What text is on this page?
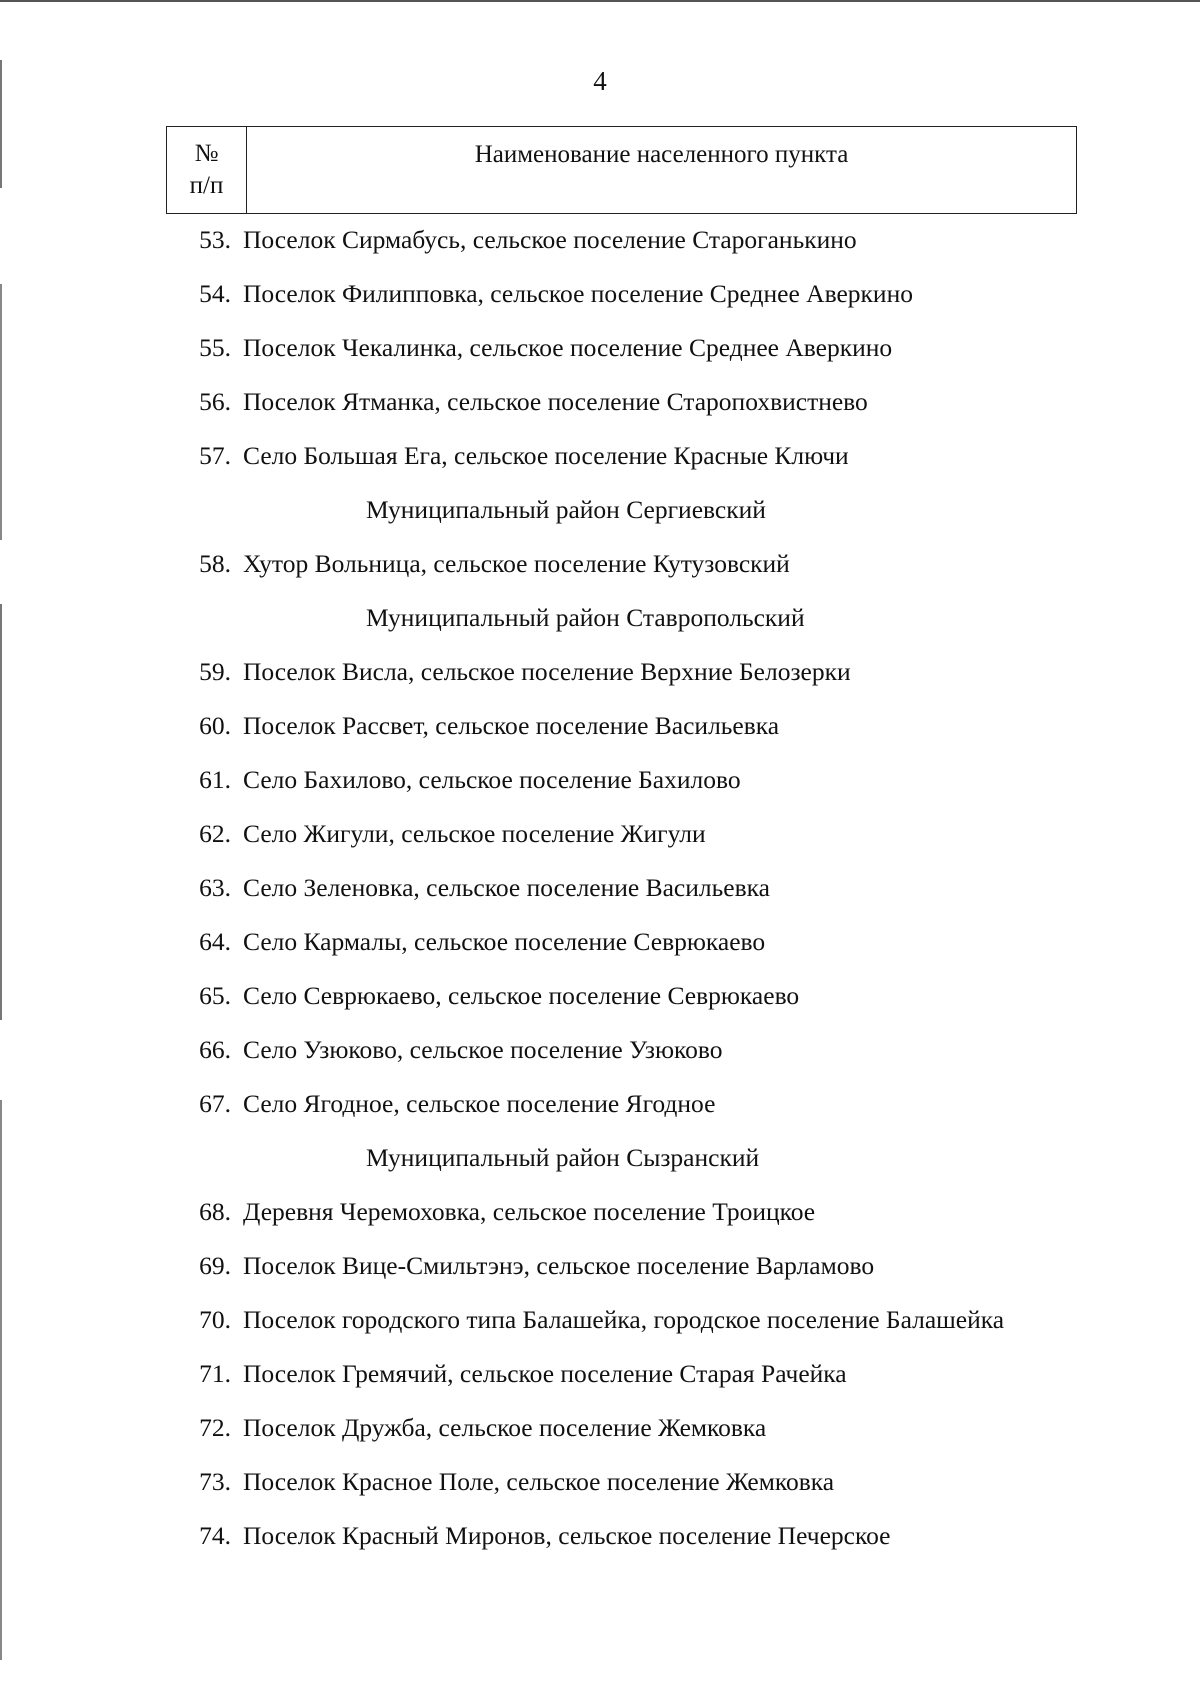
4
№
п/п
Наименование населенного пункта
53. Поселок Сирмабусь, сельское поселение Староганькино
54. Поселок Филипповка, сельское поселение Среднее Аверкино
55. Поселок Чекалинка, сельское поселение Среднее Аверкино
56. Поселок Ятманка, сельское поселение Старопохвистнево
57. Село Большая Ега, сельское поселение Красные Ключи
Муниципальный район Сергиевский
58. Хутор Вольница, сельское поселение Кутузовский
Муниципальный район Ставропольский
59. Поселок Висла, сельское поселение Верхние Белозерки
60. Поселок Рассвет, сельское поселение Васильевка
61. Село Бахилово, сельское поселение Бахилово
62. Село Жигули, сельское поселение Жигули
63. Село Зеленовка, сельское поселение Васильевка
64. Село Кармалы, сельское поселение Севрюкаево
65. Село Севрюкаево, сельское поселение Севрюкаево
66. Село Узюково, сельское поселение Узюково
67. Село Ягодное, сельское поселение Ягодное
Муниципальный район Сызранский
68. Деревня Черемоховка, сельское поселение Троицкое
69. Поселок Вице-Смильтэнэ, сельское поселение Варламово
70. Поселок городского типа Балашейка, городское поселение Балашейка
71. Поселок Гремячий, сельское поселение Старая Рачейка
72. Поселок Дружба, сельское поселение Жемковка
73. Поселок Красное Поле, сельское поселение Жемковка
74. Поселок Красный Миронов, сельское поселение Печерское
